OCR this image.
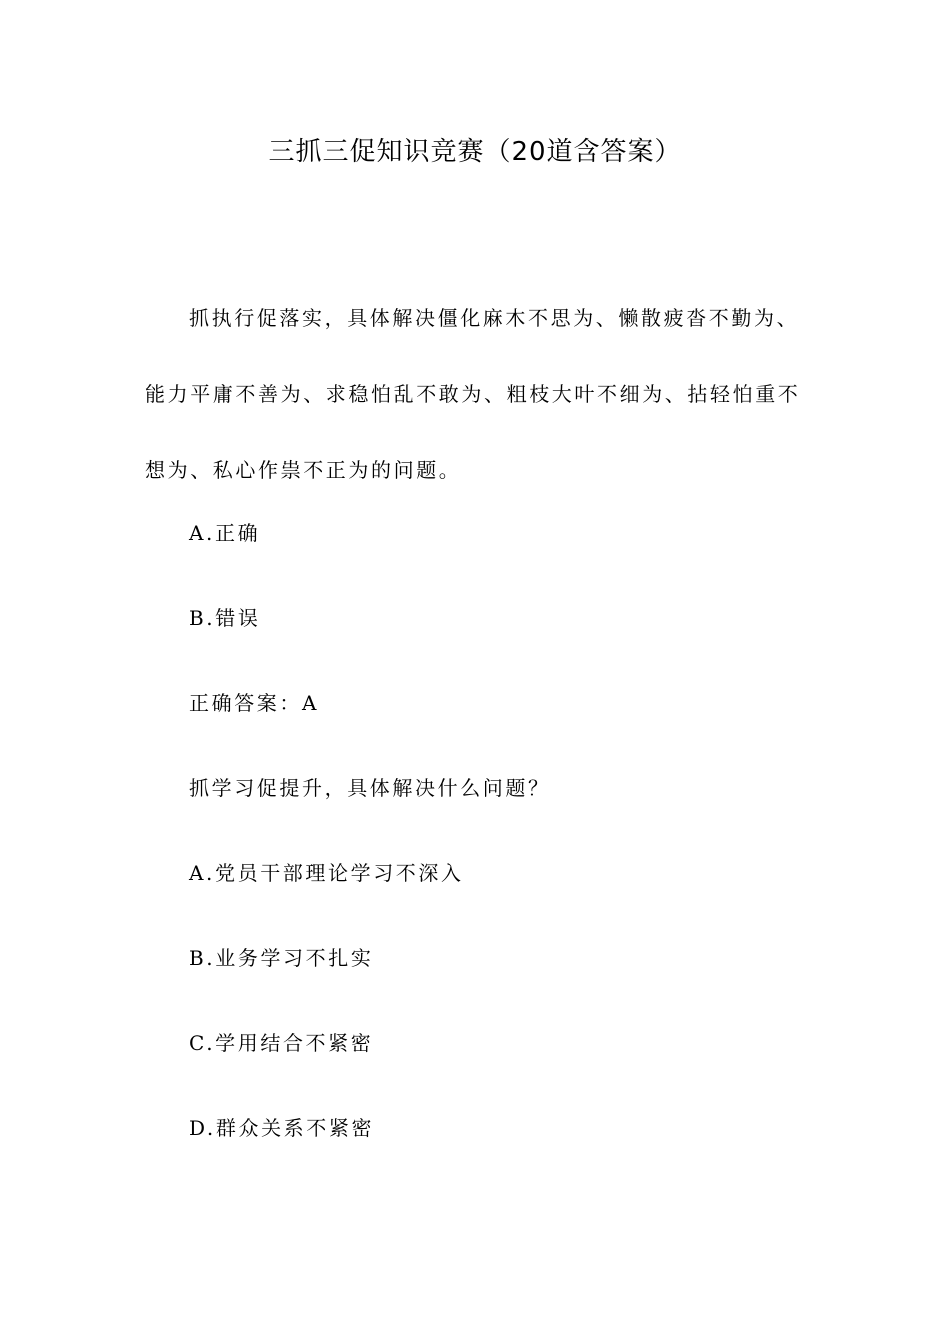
三抓三促知识竞赛（20道含答案）

抓执行促落实，具体解决僵化麻木不思为、懒散疲沓不勤为、能力平庸不善为、求稳怕乱不敢为、粗枝大叶不细为、拈轻怕重不想为、私心作祟不正为的问题。

A.正确

B.错误

正确答案：A

抓学习促提升，具体解决什么问题？

A.党员干部理论学习不深入

B.业务学习不扎实

C.学用结合不紧密

D.群众关系不紧密
